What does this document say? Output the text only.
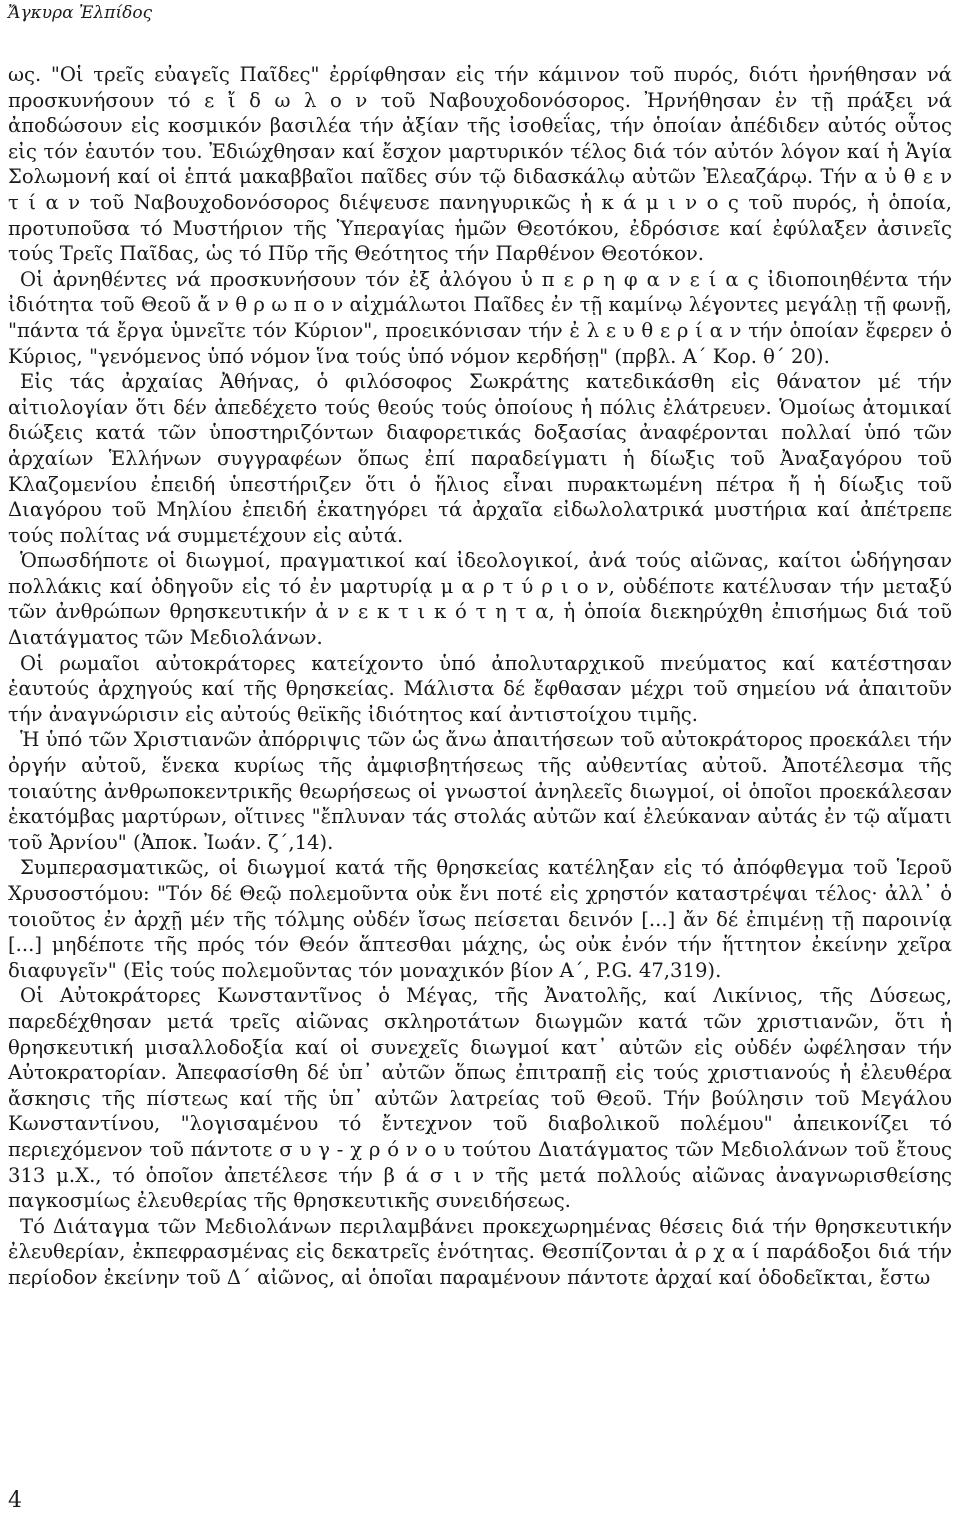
Ἄγκυρα Ἐλπίδος

ως. "Οἱ τρεῖς εὐαγεῖς Παῖδες" ἐρρίφθησαν εἰς τήν κάμινον τοῦ πυρός, διότι ἠρνήθησαν νά προσκυνήσουν τό ε ἴ δ ω λ ο ν τοῦ Ναβουχοδονόσορος. Ἠρνήθησαν ἐν τῇ πράξει νά ἀποδώσουν εἰς κοσμικόν βασιλέα τήν ἀξίαν τῆς ἰσοθεΐας, τήν ὁποίαν ἀπέδιδεν αὐτός οὗτος εἰς τόν ἑαυτόν του. Ἐδιώχθησαν καί ἔσχον μαρτυρικόν τέλος διά τόν αὐτόν λόγον καί ἡ Ἁγία Σολωμονή καί οἱ ἑπτά μακαββαῖοι παῖδες σύν τῷ διδασκάλῳ αὐτῶν Ἐλεαζάρῳ. Τήν α ὐ θ ε ν τ ί α ν τοῦ Ναβουχοδονόσορος διέψευσε πανηγυρικῶς ἡ κ ά μ ι ν ο ς τοῦ πυρός, ἡ ὁποία, προτυποῦσα τό Μυστήριον τῆς Ὑπεραγίας ἡμῶν Θεοτόκου, ἐδρόσισε καί ἐφύλαξεν ἀσινεῖς τούς Τρεῖς Παῖδας, ὡς τό Πῦρ τῆς Θεότητος τήν Παρθένον Θεοτόκον.

Οἱ ἀρνηθέντες νά προσκυνήσουν τόν ἐξ ἀλόγου ὑ π ε ρ η φ α ν ε ί α ς ἰδιοποιηθέντα τήν ἰδιότητα τοῦ Θεοῦ ἄ ν θ ρ ω π ο ν αἰχμάλωτοι Παῖδες ἐν τῇ καμίνῳ λέγοντες μεγάλῃ τῇ φωνῇ, "πάντα τά ἔργα ὑμνεῖτε τόν Κύριον", προεικόνισαν τήν ἐ λ ε υ θ ε ρ ί α ν τήν ὁποίαν ἔφερεν ὁ Κύριος, "γενόμενος ὑπό νόμον ἵνα τούς ὑπό νόμον κερδήσῃ" (πρβλ. Α΄ Κορ. θ΄ 20).

Εἰς τάς ἀρχαίας Ἀθήνας, ὁ φιλόσοφος Σωκράτης κατεδικάσθη εἰς θάνατον μέ τήν αἰτιολογίαν ὅτι δέν ἀπεδέχετο τούς θεούς τούς ὁποίους ἡ πόλις ἐλάτρευεν. Ὁμοίως ἀτομικαί διώξεις κατά τῶν ὑποστηριζόντων διαφορετικάς δοξασίας ἀναφέρονται πολλαί ὑπό τῶν ἀρχαίων Ἑλλήνων συγγραφέων ὅπως ἐπί παραδείγματι ἡ δίωξις τοῦ Ἀναξαγόρου τοῦ Κλαζομενίου ἐπειδή ὑπεστήριζεν ὅτι ὁ ἥλιος εἶναι πυρακτωμένη πέτρα ἤ ἡ δίωξις τοῦ Διαγόρου τοῦ Μηλίου ἐπειδή ἐκατηγόρει τά ἀρχαῖα εἰδωλολατρικά μυστήρια καί ἀπέτρεπε τούς πολίτας νά συμμετέχουν εἰς αὐτά.

Ὁπωσδήποτε οἱ διωγμοί, πραγματικοί καί ἰδεολογικοί, ἀνά τούς αἰῶνας, καίτοι ὡδήγησαν πολλάκις καί ὁδηγοῦν εἰς τό ἐν μαρτυρίᾳ μ α ρ τ ύ ρ ι ο ν, οὐδέποτε κατέλυσαν τήν μεταξύ τῶν ἀνθρώπων θρησκευτικήν ἀ ν ε κ τ ι κ ό τ η τ α, ἡ ὁποία διεκηρύχθη ἐπισήμως διά τοῦ Διατάγματος τῶν Μεδιολάνων.

Οἱ ρωμαῖοι αὐτοκράτορες κατείχοντο ὑπό ἀπολυταρχικοῦ πνεύματος καί κατέστησαν ἑαυτούς ἀρχηγούς καί τῆς θρησκείας. Μάλιστα δέ ἔφθασαν μέχρι τοῦ σημείου νά ἀπαιτοῦν τήν ἀναγνώρισιν εἰς αὐτούς θεϊκῆς ἰδιότητος καί ἀντιστοίχου τιμῆς.

Ἡ ὑπό τῶν Χριστιανῶν ἀπόρριψις τῶν ὡς ἄνω ἀπαιτήσεων τοῦ αὐτοκράτορος προεκάλει τήν ὀργήν αὐτοῦ, ἕνεκα κυρίως τῆς ἀμφισβητήσεως τῆς αὐθεντίας αὐτοῦ. Ἀποτέλεσμα τῆς τοιαύτης ἀνθρωποκεντρικῆς θεωρήσεως οἱ γνωστοί ἀνηλεεῖς διωγμοί, οἱ ὁποῖοι προεκάλεσαν ἑκατόμβας μαρτύρων, οἵτινες "ἔπλυναν τάς στολάς αὐτῶν καί ἐλεύκαναν αὐτάς ἐν τῷ αἵματι τοῦ Ἀρνίου" (Ἀποκ. Ἰωάν. ζ΄,14).

Συμπερασματικῶς, οἱ διωγμοί κατά τῆς θρησκείας κατέληξαν εἰς τό ἀπόφθεγμα τοῦ Ἱεροῦ Χρυσοστόμου: "Τόν δέ Θεῷ πολεμοῦντα οὐκ ἔνι ποτέ εἰς χρηστόν καταστρέψαι τέλος· ἀλλ᾽ ὁ τοιοῦτος ἐν ἀρχῇ μέν τῆς τόλμης οὐδέν ἴσως πείσεται δεινόν [...] ἄν δέ ἐπιμένῃ τῇ παροινίᾳ [...] μηδέποτε τῆς πρός τόν Θεόν ἅπτεσθαι μάχης, ὡς οὐκ ἐνόν τήν ἥττητον ἐκείνην χεῖρα διαφυγεῖν" (Εἰς τούς πολεμοῦντας τόν μοναχικόν βίον Α΄, P.G. 47,319).

Οἱ Αὐτοκράτορες Κωνσταντῖνος ὁ Μέγας, τῆς Ἀνατολῆς, καί Λικίνιος, τῆς Δύσεως, παρεδέχθησαν μετά τρεῖς αἰῶνας σκληροτάτων διωγμῶν κατά τῶν χριστιανῶν, ὅτι ἡ θρησκευτική μισαλλοδοξία καί οἱ συνεχεῖς διωγμοί κατ᾽ αὐτῶν εἰς οὐδέν ὠφέλησαν τήν Αὐτοκρατορίαν. Ἀπεφασίσθη δέ ὑπ᾽ αὐτῶν ὅπως ἐπιτραπῇ εἰς τούς χριστιανούς ἡ ἐλευθέρα ἄσκησις τῆς πίστεως καί τῆς ὑπ᾽ αὐτῶν λατρείας τοῦ Θεοῦ. Τήν βούλησιν τοῦ Μεγάλου Κωνσταντίνου, "λογισαμένου τό ἔντεχνον τοῦ διαβολικοῦ πολέμου" ἀπεικονίζει τό περιεχόμενον τοῦ πάντοτε σ υ γ - χ ρ ό ν ο υ τούτου Διατάγματος τῶν Μεδιολάνων τοῦ ἔτους 313 μ.Χ., τό ὁποῖον ἀπετέλεσε τήν β ά σ ι ν τῆς μετά πολλούς αἰῶνας ἀναγνωρισθείσης παγκοσμίως ἐλευθερίας τῆς θρησκευτικῆς συνειδήσεως.

Τό Διάταγμα τῶν Μεδιολάνων περιλαμβάνει προκεχωρημένας θέσεις διά τήν θρησκευτικήν ἐλευθερίαν, ἐκπεφρασμένας εἰς δεκατρεῖς ἑνότητας. Θεσπίζονται ἀ ρ χ α ί παράδοξοι διά τήν περίοδον ἐκείνην τοῦ Δ΄ αἰῶνος, αἱ ὁποῖαι παραμένουν πάντοτε ἀρχαί καί ὁδοδεῖκται, ἔστω

4
